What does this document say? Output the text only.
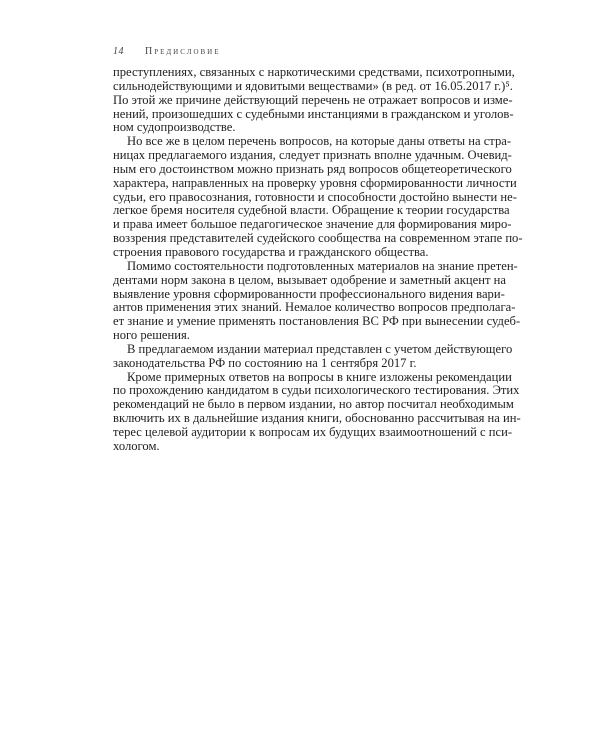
14 Предисловие
преступлениях, связанных с наркотическими средствами, психотропными,
сильнодействующими и ядовитыми веществами» (в ред. от 16.05.2017 г.)⁵.
По этой же причине действующий перечень не отражает вопросов и изме-
нений, произошедших с судебными инстанциями в гражданском и уголов-
ном судопроизводстве.
Но все же в целом перечень вопросов, на которые даны ответы на стра-
ницах предлагаемого издания, следует признать вполне удачным. Очевид-
ным его достоинством можно признать ряд вопросов общетеоретического
характера, направленных на проверку уровня сформированности личности
судьи, его правосознания, готовности и способности достойно вынести не-
легкое бремя носителя судебной власти. Обращение к теории государства
и права имеет большое педагогическое значение для формирования миро-
воззрения представителей судейского сообщества на современном этапе по-
строения правового государства и гражданского общества.
Помимо состоятельности подготовленных материалов на знание претен-
дентами норм закона в целом, вызывает одобрение и заметный акцент на
выявление уровня сформированности профессионального видения вари-
антов применения этих знаний. Немалое количество вопросов предполага-
ет знание и умение применять постановления ВС РФ при вынесении судеб-
ного решения.
В предлагаемом издании материал представлен с учетом действующего
законодательства РФ по состоянию на 1 сентября 2017 г.
Кроме примерных ответов на вопросы в книге изложены рекомендации
по прохождению кандидатом в судьи психологического тестирования. Этих
рекомендаций не было в первом издании, но автор посчитал необходимым
включить их в дальнейшие издания книги, обоснованно рассчитывая на ин-
терес целевой аудитории к вопросам их будущих взаимоотношений с пси-
хологом.
